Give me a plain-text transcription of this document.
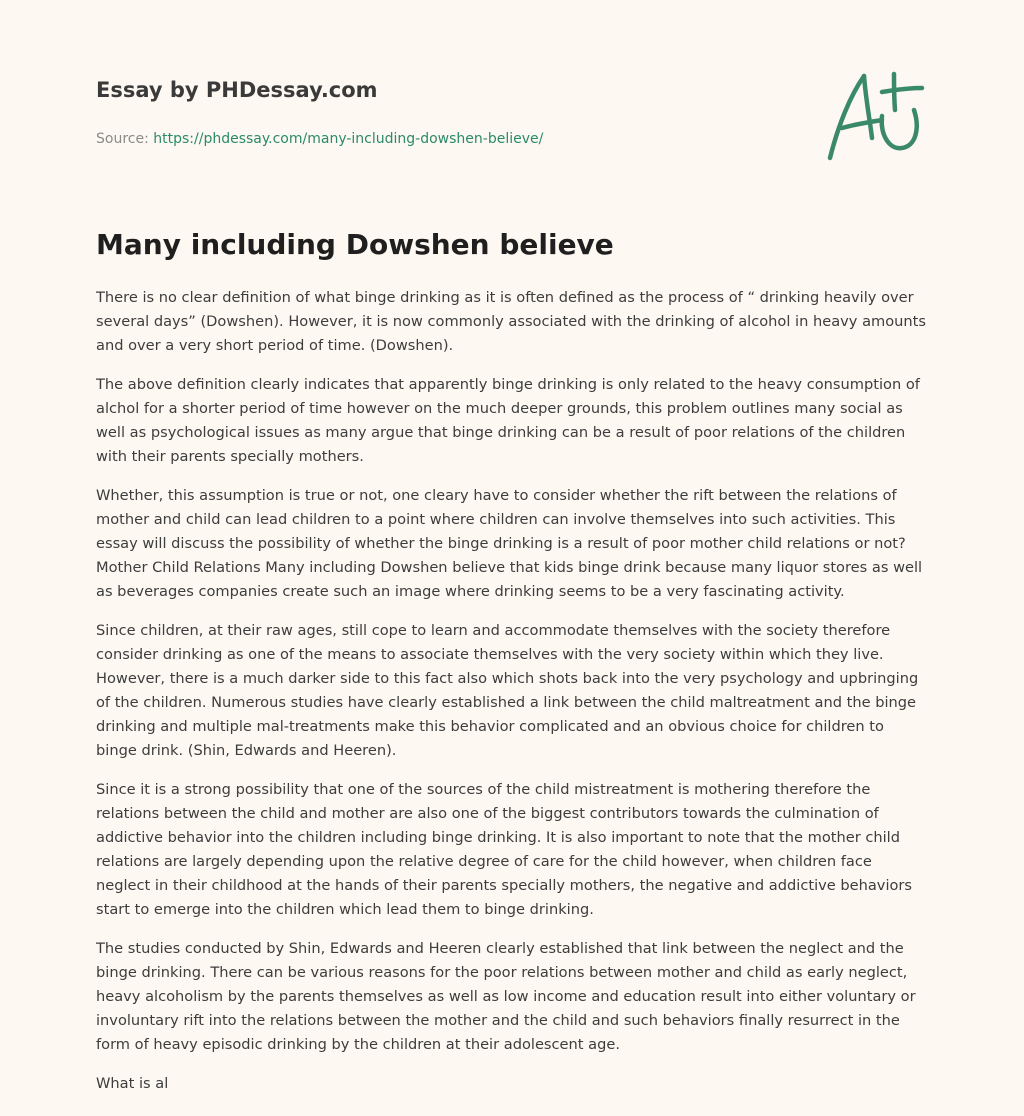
Essay by PHDessay.com
Source: https://phdessay.com/many-including-dowshen-believe/
Many including Dowshen believe

There is no clear definition of what binge drinking as it is often defined as the process of “ drinking heavily over several days” (Dowshen). However, it is now commonly associated with the drinking of alcohol in heavy amounts and over a very short period of time. (Dowshen).

The above definition clearly indicates that apparently binge drinking is only related to the heavy consumption of alchol for a shorter period of time however on the much deeper grounds, this problem outlines many social as well as psychological issues as many argue that binge drinking can be a result of poor relations of the children with their parents specially mothers.

Whether, this assumption is true or not, one cleary have to consider whether the rift between the relations of mother and child can lead children to a point where children can involve themselves into such activities. This essay will discuss the possibility of whether the binge drinking is a result of poor mother child relations or not? Mother Child Relations Many including Dowshen believe that kids binge drink because many liquor stores as well as beverages companies create such an image where drinking seems to be a very fascinating activity.

Since children, at their raw ages, still cope to learn and accommodate themselves with the society therefore consider drinking as one of the means to associate themselves with the very society within which they live. However, there is a much darker side to this fact also which shots back into the very psychology and upbringing of the children. Numerous studies have clearly established a link between the child maltreatment and the binge drinking and multiple mal-treatments make this behavior complicated and an obvious choice for children to binge drink. (Shin, Edwards and Heeren).

Since it is a strong possibility that one of the sources of the child mistreatment is mothering therefore the relations between the child and mother are also one of the biggest contributors towards the culmination of addictive behavior into the children including binge drinking. It is also important to note that the mother child relations are largely depending upon the relative degree of care for the child however, when children face neglect in their childhood at the hands of their parents specially mothers, the negative and addictive behaviors start to emerge into the children which lead them to binge drinking.

The studies conducted by Shin, Edwards and Heeren clearly established that link between the neglect and the binge drinking. There can be various reasons for the poor relations between mother and child as early neglect, heavy alcoholism by the parents themselves as well as low income and education result into either voluntary or involuntary rift into the relations between the mother and the child and such behaviors finally resurrect in the form of heavy episodic drinking by the children at their adolescent age.

What is al
